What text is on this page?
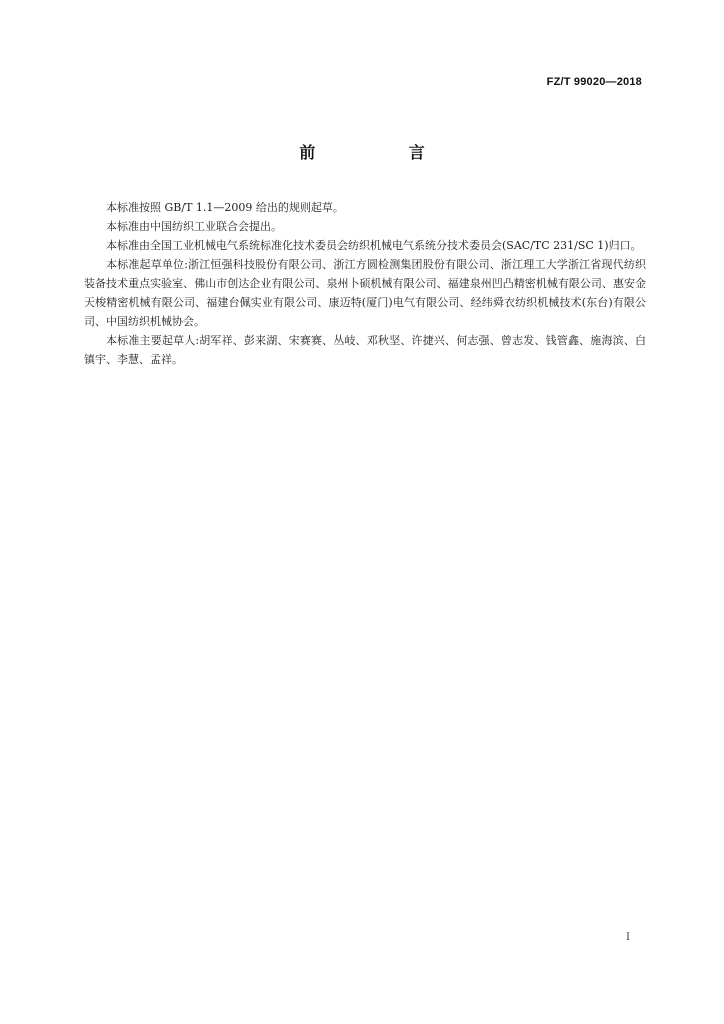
FZ/T 99020—2018
前 言

本标准按照 GB/T 1.1—2009 给出的规则起草。

本标准由中国纺织工业联合会提出。

本标准由全国工业机械电气系统标准化技术委员会纺织机械电气系统分技术委员会(SAC/TC 231/SC 1)归口。

本标准起草单位:浙江恒强科技股份有限公司、浙江方圆检测集团股份有限公司、浙江理工大学浙江省现代纺织装备技术重点实验室、佛山市创达企业有限公司、泉州卜硕机械有限公司、福建泉州凹凸精密机械有限公司、惠安金天梭精密机械有限公司、福建台佩实业有限公司、康迈特(厦门)电气有限公司、经纬舜衣纺织机械技术(东台)有限公司、中国纺织机械协会。

本标准主要起草人:胡军祥、彭来湖、宋赛赛、丛岐、邓秋坚、许捷兴、何志强、曾志发、钱管鑫、施海滨、白镇宇、李慧、孟祥。

I
